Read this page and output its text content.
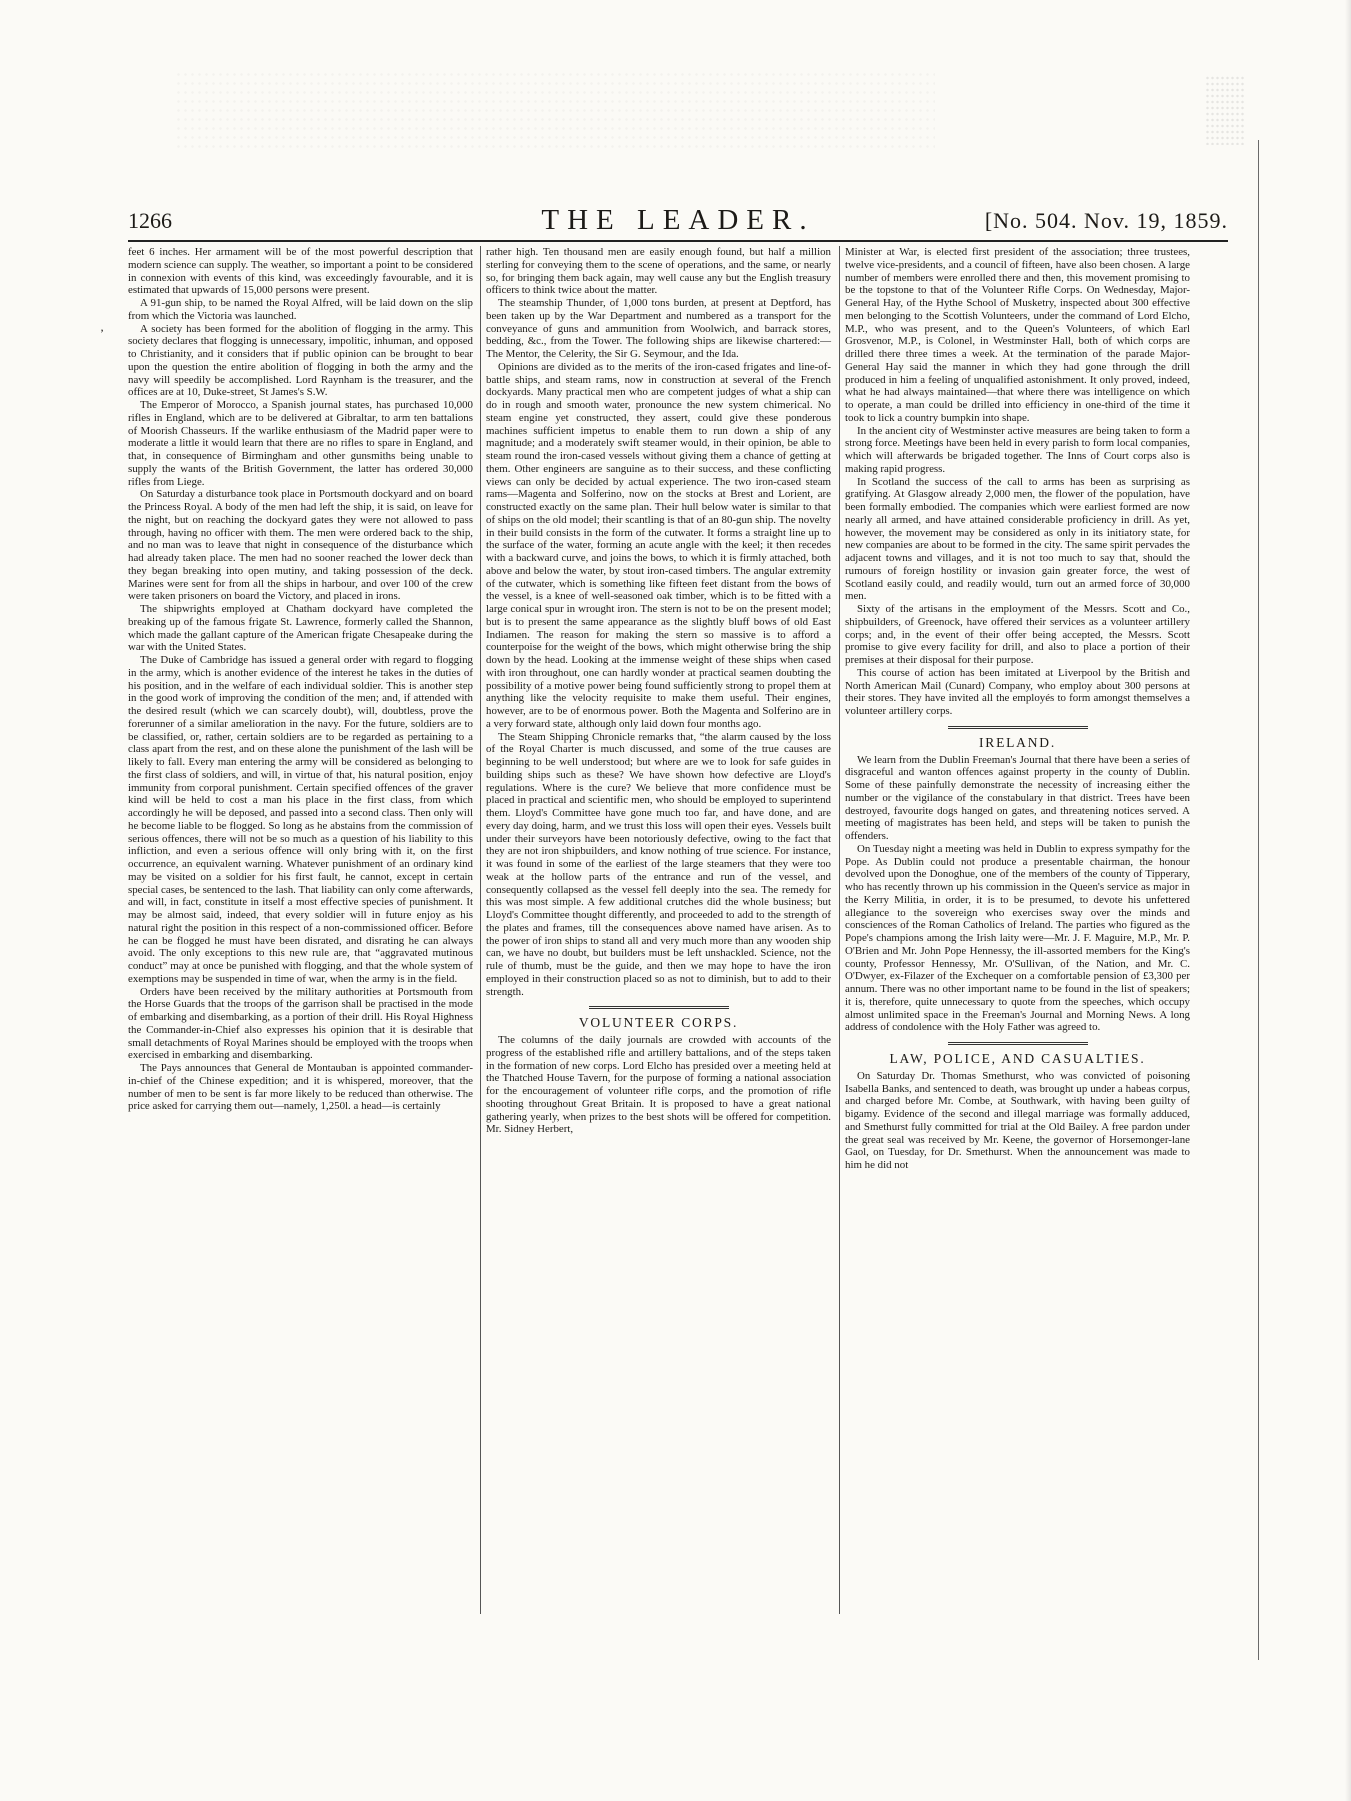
1266	THE LEADER.	[No. 504. Nov. 19, 1859.
’

feet 6 inches. Her armament will be of the most powerful description that modern science can supply. The weather, so important a point to be considered in connexion with events of this kind, was exceedingly favourable, and it is estimated that upwards of 15,000 persons were present.

A 91-gun ship, to be named the Royal Alfred, will be laid down on the slip from which the Victoria was launched.

A society has been formed for the abolition of flogging in the army. This society declares that flogging is unnecessary, impolitic, inhuman, and opposed to Christianity, and it considers that if public opinion can be brought to bear upon the question the entire abolition of flogging in both the army and the navy will speedily be accomplished. Lord Raynham is the treasurer, and the offices are at 10, Duke-street, St James's S.W.

The Emperor of Morocco, a Spanish journal states, has purchased 10,000 rifles in England, which are to be delivered at Gibraltar, to arm ten battalions of Moorish Chasseurs. If the warlike enthusiasm of the Madrid paper were to moderate a little it would learn that there are no rifles to spare in England, and that, in consequence of Birmingham and other gunsmiths being unable to supply the wants of the British Government, the latter has ordered 30,000 rifles from Liege.

On Saturday a disturbance took place in Portsmouth dockyard and on board the Princess Royal. A body of the men had left the ship, it is said, on leave for the night, but on reaching the dockyard gates they were not allowed to pass through, having no officer with them. The men were ordered back to the ship, and no man was to leave that night in consequence of the disturbance which had already taken place. The men had no sooner reached the lower deck than they began breaking into open mutiny, and taking possession of the deck. Marines were sent for from all the ships in harbour, and over 100 of the crew were taken prisoners on board the Victory, and placed in irons.

The shipwrights employed at Chatham dockyard have completed the breaking up of the famous frigate St. Lawrence, formerly called the Shannon, which made the gallant capture of the American frigate Chesapeake during the war with the United States.

The Duke of Cambridge has issued a general order with regard to flogging in the army, which is another evidence of the interest he takes in the duties of his position, and in the welfare of each individual soldier. This is another step in the good work of improving the condition of the men; and, if attended with the desired result (which we can scarcely doubt), will, doubtless, prove the forerunner of a similar amelioration in the navy. For the future, soldiers are to be classified, or, rather, certain soldiers are to be regarded as pertaining to a class apart from the rest, and on these alone the punishment of the lash will be likely to fall. Every man entering the army will be considered as belonging to the first class of soldiers, and will, in virtue of that, his natural position, enjoy immunity from corporal punishment. Certain specified offences of the graver kind will be held to cost a man his place in the first class, from which accordingly he will be deposed, and passed into a second class. Then only will he become liable to be flogged. So long as he abstains from the commission of serious offences, there will not be so much as a question of his liability to this infliction, and even a serious offence will only bring with it, on the first occurrence, an equivalent warning. Whatever punishment of an ordinary kind may be visited on a soldier for his first fault, he cannot, except in certain special cases, be sentenced to the lash. That liability can only come afterwards, and will, in fact, constitute in itself a most effective species of punishment. It may be almost said, indeed, that every soldier will in future enjoy as his natural right the position in this respect of a non-commissioned officer. Before he can be flogged he must have been disrated, and disrating he can always avoid. The only exceptions to this new rule are, that “aggravated mutinous conduct” may at once be punished with flogging, and that the whole system of exemptions may be suspended in time of war, when the army is in the field.

Orders have been received by the military authorities at Portsmouth from the Horse Guards that the troops of the garrison shall be practised in the mode of embarking and disembarking, as a portion of their drill. His Royal Highness the Commander-in-Chief also expresses his opinion that it is desirable that small detachments of Royal Marines should be employed with the troops when exercised in embarking and disembarking.

The Pays announces that General de Montauban is appointed commander-in-chief of the Chinese expedition; and it is whispered, moreover, that the number of men to be sent is far more likely to be reduced than otherwise. The price asked for carrying them out—namely, 1,250l. a head—is certainly

rather high. Ten thousand men are easily enough found, but half a million sterling for conveying them to the scene of operations, and the same, or nearly so, for bringing them back again, may well cause any but the English treasury officers to think twice about the matter.

The steamship Thunder, of 1,000 tons burden, at present at Deptford, has been taken up by the War Department and numbered as a transport for the conveyance of guns and ammunition from Woolwich, and barrack stores, bedding, &c., from the Tower. The following ships are likewise chartered:—The Mentor, the Celerity, the Sir G. Seymour, and the Ida.

Opinions are divided as to the merits of the iron-cased frigates and line-of-battle ships, and steam rams, now in construction at several of the French dockyards. Many practical men who are competent judges of what a ship can do in rough and smooth water, pronounce the new system chimerical. No steam engine yet constructed, they assert, could give these ponderous machines sufficient impetus to enable them to run down a ship of any magnitude; and a moderately swift steamer would, in their opinion, be able to steam round the iron-cased vessels without giving them a chance of getting at them. Other engineers are sanguine as to their success, and these conflicting views can only be decided by actual experience. The two iron-cased steam rams—Magenta and Solferino, now on the stocks at Brest and Lorient, are constructed exactly on the same plan. Their hull below water is similar to that of ships on the old model; their scantling is that of an 80-gun ship. The novelty in their build consists in the form of the cutwater. It forms a straight line up to the surface of the water, forming an acute angle with the keel; it then recedes with a backward curve, and joins the bows, to which it is firmly attached, both above and below the water, by stout iron-cased timbers. The angular extremity of the cutwater, which is something like fifteen feet distant from the bows of the vessel, is a knee of well-seasoned oak timber, which is to be fitted with a large conical spur in wrought iron. The stern is not to be on the present model; but is to present the same appearance as the slightly bluff bows of old East Indiamen. The reason for making the stern so massive is to afford a counterpoise for the weight of the bows, which might otherwise bring the ship down by the head. Looking at the immense weight of these ships when cased with iron throughout, one can hardly wonder at practical seamen doubting the possibility of a motive power being found sufficiently strong to propel them at anything like the velocity requisite to make them useful. Their engines, however, are to be of enormous power. Both the Magenta and Solferino are in a very forward state, although only laid down four months ago.

The Steam Shipping Chronicle remarks that, “the alarm caused by the loss of the Royal Charter is much discussed, and some of the true causes are beginning to be well understood; but where are we to look for safe guides in building ships such as these? We have shown how defective are Lloyd's regulations. Where is the cure? We believe that more confidence must be placed in practical and scientific men, who should be employed to superintend them. Lloyd's Committee have gone much too far, and have done, and are every day doing, harm, and we trust this loss will open their eyes. Vessels built under their surveyors have been notoriously defective, owing to the fact that they are not iron shipbuilders, and know nothing of true science. For instance, it was found in some of the earliest of the large steamers that they were too weak at the hollow parts of the entrance and run of the vessel, and consequently collapsed as the vessel fell deeply into the sea. The remedy for this was most simple. A few additional crutches did the whole business; but Lloyd's Committee thought differently, and proceeded to add to the strength of the plates and frames, till the consequences above named have arisen. As to the power of iron ships to stand all and very much more than any wooden ship can, we have no doubt, but builders must be left unshackled. Science, not the rule of thumb, must be the guide, and then we may hope to have the iron employed in their construction placed so as not to diminish, but to add to their strength.

VOLUNTEER CORPS.

The columns of the daily journals are crowded with accounts of the progress of the established rifle and artillery battalions, and of the steps taken in the formation of new corps. Lord Elcho has presided over a meeting held at the Thatched House Tavern, for the purpose of forming a national association for the encouragement of volunteer rifle corps, and the promotion of rifle shooting throughout Great Britain. It is proposed to have a great national gathering yearly, when prizes to the best shots will be offered for competition. Mr. Sidney Herbert,

Minister at War, is elected first president of the association; three trustees, twelve vice-presidents, and a council of fifteen, have also been chosen. A large number of members were enrolled there and then, this movement promising to be the topstone to that of the Volunteer Rifle Corps. On Wednesday, Major-General Hay, of the Hythe School of Musketry, inspected about 300 effective men belonging to the Scottish Volunteers, under the command of Lord Elcho, M.P., who was present, and to the Queen's Volunteers, of which Earl Grosvenor, M.P., is Colonel, in Westminster Hall, both of which corps are drilled there three times a week. At the termination of the parade Major-General Hay said the manner in which they had gone through the drill produced in him a feeling of unqualified astonishment. It only proved, indeed, what he had always maintained—that where there was intelligence on which to operate, a man could be drilled into efficiency in one-third of the time it took to lick a country bumpkin into shape.

In the ancient city of Westminster active measures are being taken to form a strong force. Meetings have been held in every parish to form local companies, which will afterwards be brigaded together. The Inns of Court corps also is making rapid progress.

In Scotland the success of the call to arms has been as surprising as gratifying. At Glasgow already 2,000 men, the flower of the population, have been formally embodied. The companies which were earliest formed are now nearly all armed, and have attained considerable proficiency in drill. As yet, however, the movement may be considered as only in its initiatory state, for new companies are about to be formed in the city. The same spirit pervades the adjacent towns and villages, and it is not too much to say that, should the rumours of foreign hostility or invasion gain greater force, the west of Scotland easily could, and readily would, turn out an armed force of 30,000 men.

Sixty of the artisans in the employment of the Messrs. Scott and Co., shipbuilders, of Greenock, have offered their services as a volunteer artillery corps; and, in the event of their offer being accepted, the Messrs. Scott promise to give every facility for drill, and also to place a portion of their premises at their disposal for their purpose.

This course of action has been imitated at Liverpool by the British and North American Mail (Cunard) Company, who employ about 300 persons at their stores. They have invited all the employés to form amongst themselves a volunteer artillery corps.

IRELAND.

We learn from the Dublin Freeman's Journal that there have been a series of disgraceful and wanton offences against property in the county of Dublin. Some of these painfully demonstrate the necessity of increasing either the number or the vigilance of the constabulary in that district. Trees have been destroyed, favourite dogs hanged on gates, and threatening notices served. A meeting of magistrates has been held, and steps will be taken to punish the offenders.

On Tuesday night a meeting was held in Dublin to express sympathy for the Pope. As Dublin could not produce a presentable chairman, the honour devolved upon the Donoghue, one of the members of the county of Tipperary, who has recently thrown up his commission in the Queen's service as major in the Kerry Militia, in order, it is to be presumed, to devote his unfettered allegiance to the sovereign who exercises sway over the minds and consciences of the Roman Catholics of Ireland. The parties who figured as the Pope's champions among the Irish laity were—Mr. J. F. Maguire, M.P., Mr. P. O'Brien and Mr. John Pope Hennessy, the ill-assorted members for the King's county, Professor Hennessy, Mr. O'Sullivan, of the Nation, and Mr. C. O'Dwyer, ex-Filazer of the Exchequer on a comfortable pension of £3,300 per annum. There was no other important name to be found in the list of speakers; it is, therefore, quite unnecessary to quote from the speeches, which occupy almost unlimited space in the Freeman's Journal and Morning News. A long address of condolence with the Holy Father was agreed to.

LAW, POLICE, AND CASUALTIES.

On Saturday Dr. Thomas Smethurst, who was convicted of poisoning Isabella Banks, and sentenced to death, was brought up under a habeas corpus, and charged before Mr. Combe, at Southwark, with having been guilty of bigamy. Evidence of the second and illegal marriage was formally adduced, and Smethurst fully committed for trial at the Old Bailey. A free pardon under the great seal was received by Mr. Keene, the governor of Horsemonger-lane Gaol, on Tuesday, for Dr. Smethurst. When the announcement was made to him he did not
